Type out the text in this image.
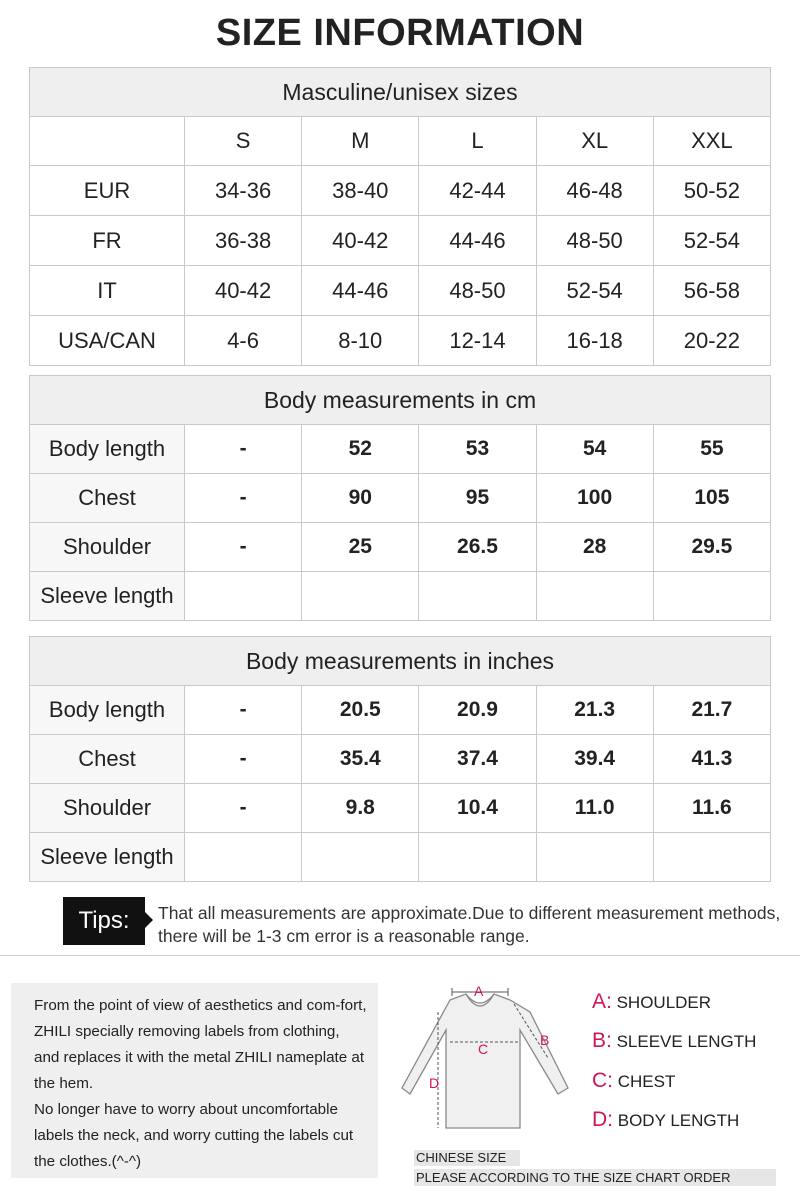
SIZE INFORMATION
Masculine/unisex sizes					
	S	M	L	XL	XXL
EUR	34-36	38-40	42-44	46-48	50-52
FR	36-38	40-42	44-46	48-50	52-54
IT	40-42	44-46	48-50	52-54	56-58
USA/CAN	4-6	8-10	12-14	16-18	20-22
Body measurements in cm					
Body length	-	52	53	54	55
Chest	-	90	95	100	105
Shoulder	-	25	26.5	28	29.5
Sleeve length					
Body measurements in inches					
Body length	-	20.5	20.9	21.3	21.7
Chest	-	35.4	37.4	39.4	41.3
Shoulder	-	9.8	10.4	11.0	11.6
Sleeve length					
Tips:	That all measurements are approximate.Due to different measurement methods, there will be 1-3 cm error is a reasonable range.
From the point of view of aesthetics and com-fort, ZHILI specially removing labels from clothing, and replaces it with the metal ZHILI nameplate at the hem.
No longer have to worry about uncomfortable labels the neck, and worry cutting the labels cut the clothes.(^-^)
A
B
C
D
A: SHOULDER
B: SLEEVE LENGTH
C: CHEST
D: BODY LENGTH
CHINESE SIZE
PLEASE ACCORDING TO THE SIZE CHART ORDER
